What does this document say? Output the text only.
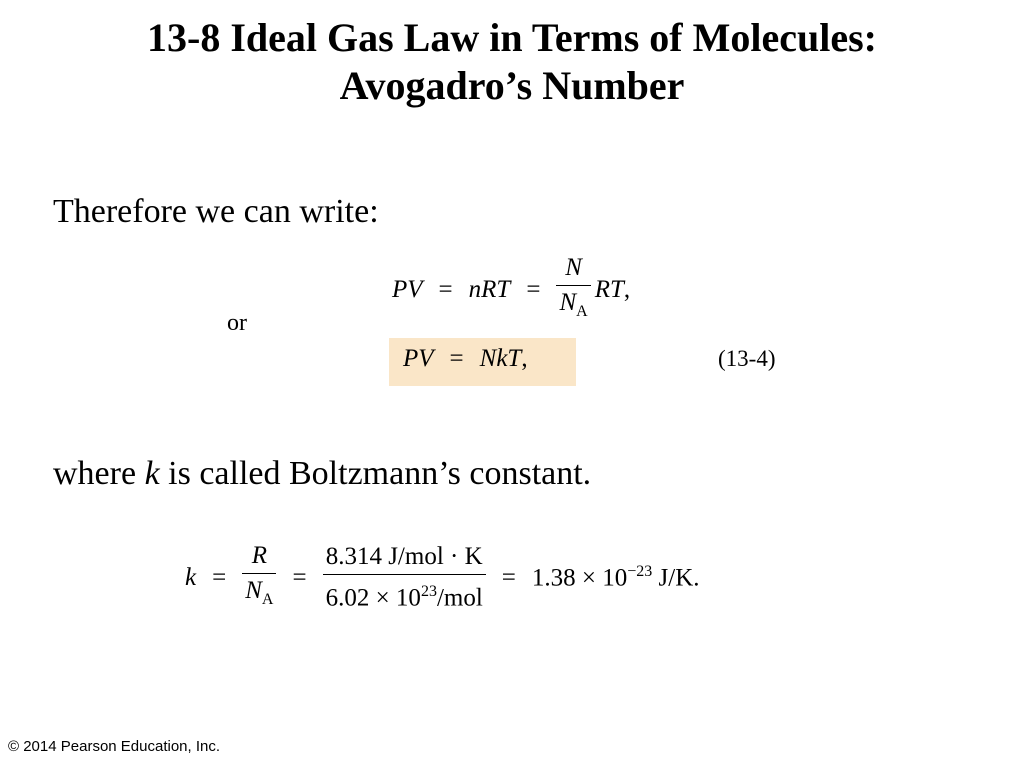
13-8 Ideal Gas Law in Terms of Molecules:
Avogadro’s Number
Therefore we can write:
PV = nRT = $\frac{N}{N_A}$ RT ,
or
PV = NkT ,	(13-4)
where k is called Boltzmann’s constant.
$k = \frac{R}{N_A} = \frac{\text{8.314 J/mol · K}}{6.02 \times 10^{23}/mol} = 1.38 \times 10^{-23}$ J/K.
© 2014 Pearson Education, Inc.
